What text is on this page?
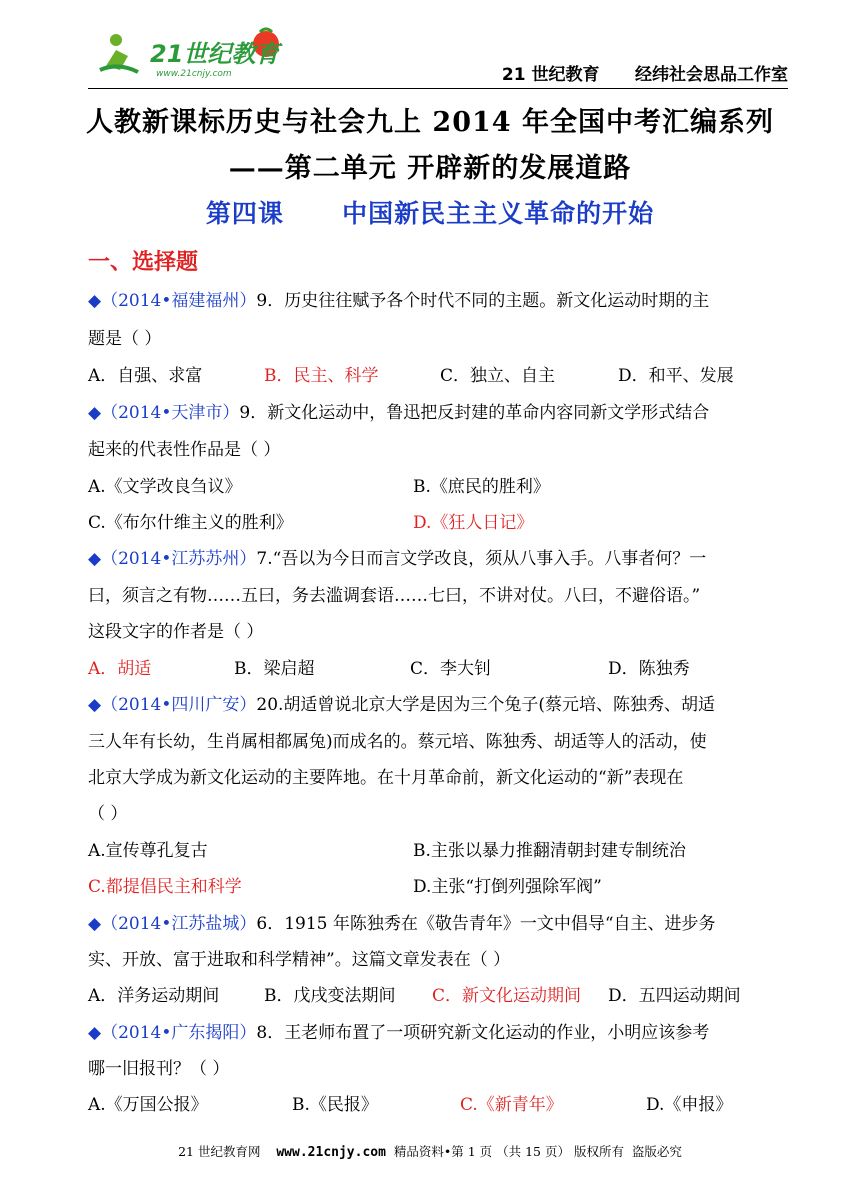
21世纪教育
www.21cnjy.com	21 世纪教育      经纬社会思品工作室
人教新课标历史与社会九上 2014 年全国中考汇编系列
——第二单元 开辟新的发展道路
第四课      中国新民主主义革命的开始
一、选择题
◆（2014•福建福州）9．历史往往赋予各个时代不同的主题。新文化运动时期的主
题是（ ）
A．自强、求富	B．民主、科学	C．独立、自主	D．和平、发展
◆（2014•天津市）9．新文化运动中，鲁迅把反封建的革命内容同新文学形式结合
起来的代表性作品是（ ）
A.《文学改良刍议》	B.《庶民的胜利》
C.《布尔什维主义的胜利》	D.《狂人日记》
◆（2014•江苏苏州）7.“吾以为今日而言文学改良，须从八事入手。八事者何？一
曰，须言之有物……五曰，务去滥调套语……七曰，不讲对仗。八曰，不避俗语。”
这段文字的作者是（ ）
A．胡适	B．梁启超	C．李大钊	D．陈独秀
◆（2014•四川广安）20.胡适曾说北京大学是因为三个兔子(蔡元培、陈独秀、胡适
三人年有长幼，生肖属相都属兔)而成名的。蔡元培、陈独秀、胡适等人的活动，使
北京大学成为新文化运动的主要阵地。在十月革命前，新文化运动的“新”表现在
（ ）
A.宣传尊孔复古	B.主张以暴力推翻清朝封建专制统治
C.都提倡民主和科学	D.主张“打倒列强除军阀”
◆（2014•江苏盐城）6．1915 年陈独秀在《敬告青年》一文中倡导“自主、进步务
实、开放、富于进取和科学精神”。这篇文章发表在（ ）
A．洋务运动期间	B．戊戌变法期间 C．新文化运动期间 D．五四运动期间
◆（2014•广东揭阳）8．王老师布置了一项研究新文化运动的作业，小明应该参考
哪一旧报刊？（ ）
A.《万国公报》	B.《民报》	C.《新青年》	D.《申报》
21 世纪教育网    www.21cnjy.com  精品资料•第 1 页 （共 15 页） 版权所有  盗版必究
